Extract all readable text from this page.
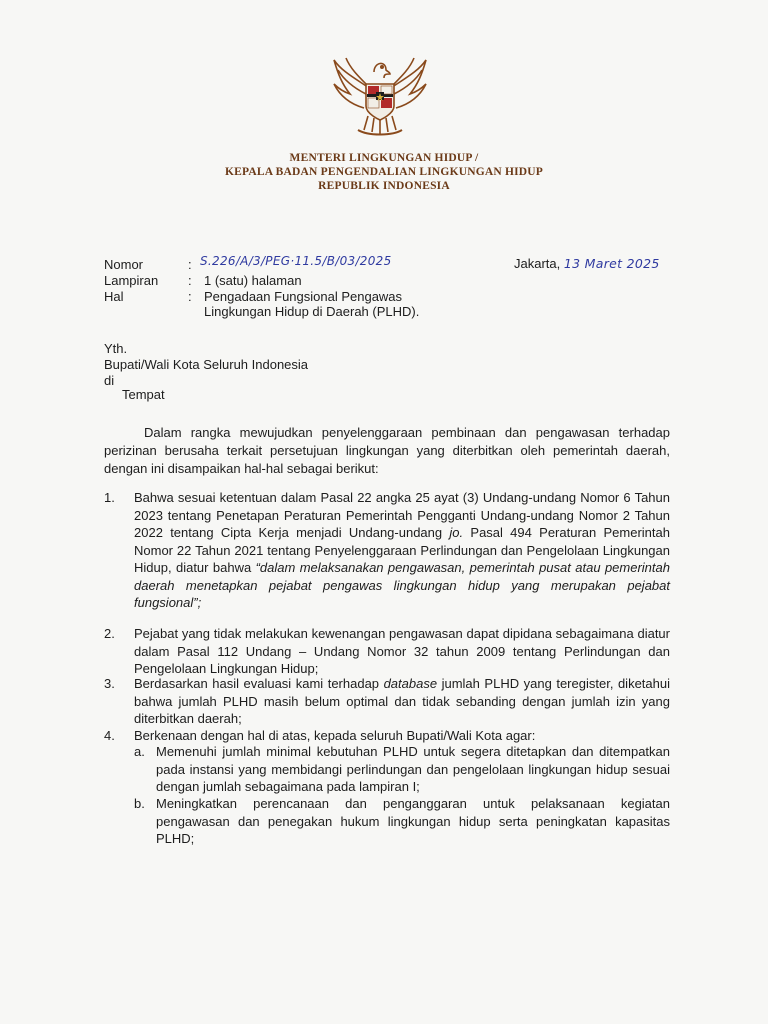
MENTERI LINGKUNGAN HIDUP /
KEPALA BADAN PENGENDALIAN LINGKUNGAN HIDUP
REPUBLIK INDONESIA
Nomor	: S.226/A/3/PEG·11.5/B/03/2025	Jakarta, 13 Maret 2025
Lampiran : 1 (satu) halaman
Hal	: Pengadaan Fungsional Pengawas
Lingkungan Hidup di Daerah (PLHD).
Yth.
Bupati/Wali Kota Seluruh Indonesia
di
Tempat
Dalam rangka mewujudkan penyelenggaraan pembinaan dan pengawasan terhadap perizinan berusaha terkait persetujuan lingkungan yang diterbitkan oleh pemerintah daerah, dengan ini disampaikan hal-hal sebagai berikut:
1. Bahwa sesuai ketentuan dalam Pasal 22 angka 25 ayat (3) Undang-undang Nomor 6 Tahun 2023 tentang Penetapan Peraturan Pemerintah Pengganti Undang-undang Nomor 2 Tahun 2022 tentang Cipta Kerja menjadi Undang-undang jo. Pasal 494 Peraturan Pemerintah Nomor 22 Tahun 2021 tentang Penyelenggaraan Perlindungan dan Pengelolaan Lingkungan Hidup, diatur bahwa “dalam melaksanakan pengawasan, pemerintah pusat atau pemerintah daerah menetapkan pejabat pengawas lingkungan hidup yang merupakan pejabat fungsional”;
2. Pejabat yang tidak melakukan kewenangan pengawasan dapat dipidana sebagaimana diatur dalam Pasal 112 Undang – Undang Nomor 32 tahun 2009 tentang Perlindungan dan Pengelolaan Lingkungan Hidup;
3. Berdasarkan hasil evaluasi kami terhadap database jumlah PLHD yang teregister, diketahui bahwa jumlah PLHD masih belum optimal dan tidak sebanding dengan jumlah izin yang diterbitkan daerah;
4. Berkenaan dengan hal di atas, kepada seluruh Bupati/Wali Kota agar:
a. Memenuhi jumlah minimal kebutuhan PLHD untuk segera ditetapkan dan ditempatkan pada instansi yang membidangi perlindungan dan pengelolaan lingkungan hidup sesuai dengan jumlah sebagaimana pada lampiran I;
b. Meningkatkan perencanaan dan penganggaran untuk pelaksanaan kegiatan pengawasan dan penegakan hukum lingkungan hidup serta peningkatan kapasitas PLHD;
